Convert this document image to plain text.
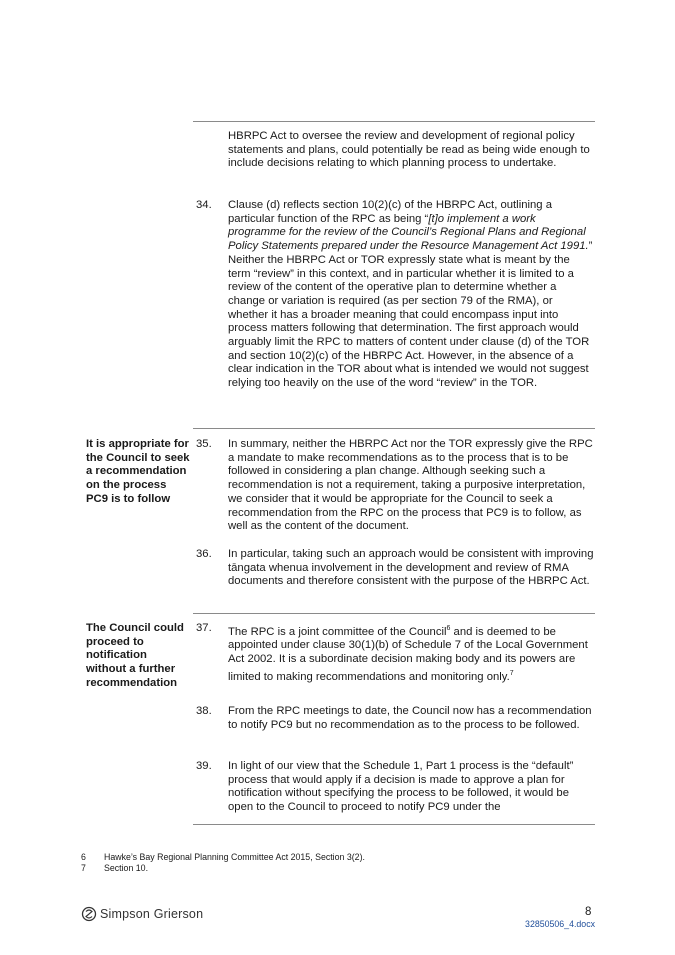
HBRPC Act to oversee the review and development of regional policy statements and plans, could potentially be read as being wide enough to include decisions relating to which planning process to undertake.
34.	Clause (d) reflects section 10(2)(c) of the HBRPC Act, outlining a particular function of the RPC as being “[t]o implement a work programme for the review of the Council’s Regional Plans and Regional Policy Statements prepared under the Resource Management Act 1991.” Neither the HBRPC Act or TOR expressly state what is meant by the term “review” in this context, and in particular whether it is limited to a review of the content of the operative plan to determine whether a change or variation is required (as per section 79 of the RMA), or whether it has a broader meaning that could encompass input into process matters following that determination. The first approach would arguably limit the RPC to matters of content under clause (d) of the TOR and section 10(2)(c) of the HBRPC Act. However, in the absence of a clear indication in the TOR about what is intended we would not suggest relying too heavily on the use of the word “review” in the TOR.
It is appropriate for the Council to seek a recommendation on the process PC9 is to follow
35.	In summary, neither the HBRPC Act nor the TOR expressly give the RPC a mandate to make recommendations as to the process that is to be followed in considering a plan change. Although seeking such a recommendation is not a requirement, taking a purposive interpretation, we consider that it would be appropriate for the Council to seek a recommendation from the RPC on the process that PC9 is to follow, as well as the content of the document.
36.	In particular, taking such an approach would be consistent with improving tāngata whenua involvement in the development and review of RMA documents and therefore consistent with the purpose of the HBRPC Act.
The Council could proceed to notification without a further recommendation
37.	The RPC is a joint committee of the Council$^6$ and is deemed to be appointed under clause 30(1)(b) of Schedule 7 of the Local Government Act 2002. It is a subordinate decision making body and its powers are limited to making recommendations and monitoring only.$^7$
38.	From the RPC meetings to date, the Council now has a recommendation to notify PC9 but no recommendation as to the process to be followed.
39.	In light of our view that the Schedule 1, Part 1 process is the “default” process that would apply if a decision is made to approve a plan for notification without specifying the process to be followed, it would be open to the Council to proceed to notify PC9 under the
6 Hawke’s Bay Regional Planning Committee Act 2015, Section 3(2).
7 Section 10.
Simpson Grierson	8
32850506_4.docx
